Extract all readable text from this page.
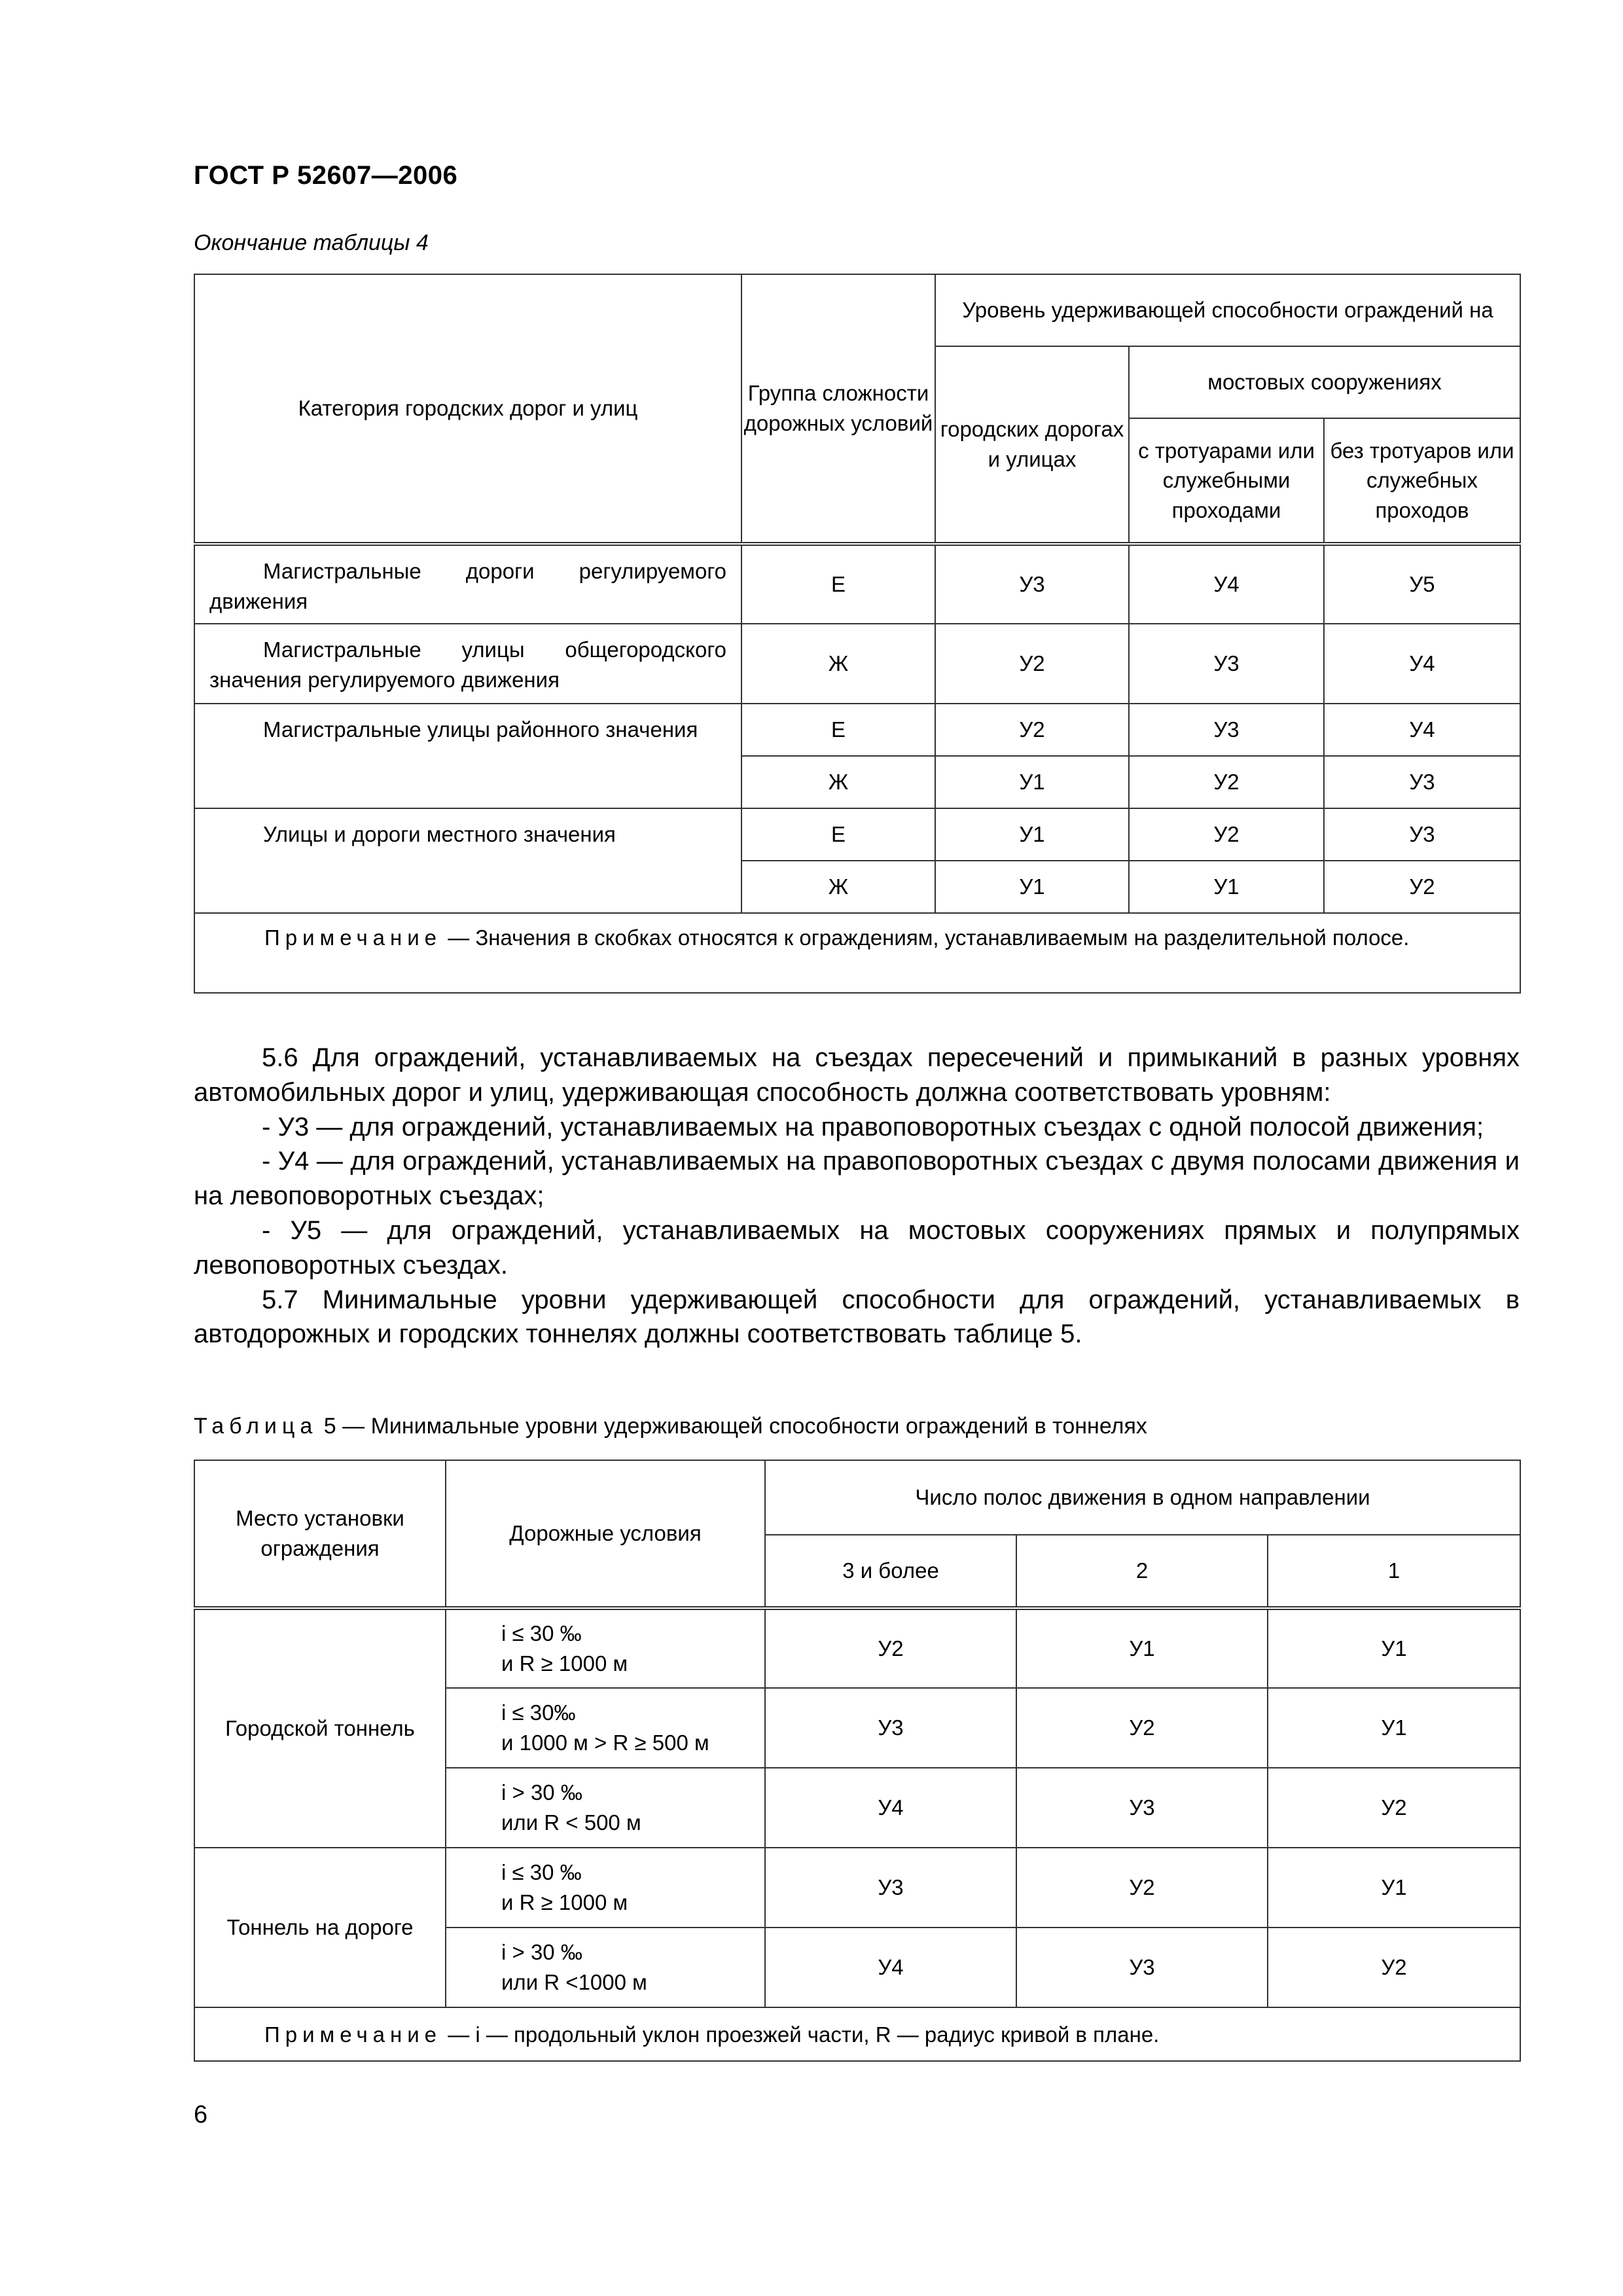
ГОСТ Р 52607—2006
Окончание таблицы 4
Категория городских дорог и улиц	Группа сложности дорожных условий	Уровень удерживающей способности ограждений на		
		городских дорогах и улицах	мостовых сооружениях	
			с тротуарами или служебными проходами	без тротуаров или служебных проходов
Магистральные дороги регулируемого движения	Е	У3	У4	У5
Магистральные улицы общегородского значения регулируемого движения	Ж	У2	У3	У4
Магистральные улицы районного значения	Е	У2	У3	У4
	Ж	У1	У2	У3
Улицы и дороги местного значения	Е	У1	У2	У3
	Ж	У1	У1	У2
Примечание — Значения в скобках относятся к ограждениям, устанавливаемым на разделительной полосе.				

5.6 Для ограждений, устанавливаемых на съездах пересечений и примыканий в разных уровнях автомобильных дорог и улиц, удерживающая способность должна соответствовать уровням:

- У3 — для ограждений, устанавливаемых на правоповоротных съездах с одной полосой движения;

- У4 — для ограждений, устанавливаемых на правоповоротных съездах с двумя полосами движения и на левоповоротных съездах;

- У5 — для ограждений, устанавливаемых на мостовых сооружениях прямых и полупрямых левоповоротных съездах.

5.7 Минимальные уровни удерживающей способности для ограждений, устанавливаемых в автодорожных и городских тоннелях должны соответствовать таблице 5.

Таблица 5 — Минимальные уровни удерживающей способности ограждений в тоннелях
Место установки ограждения	Дорожные условия	Число полос движения в одном направлении		
		3 и более	2	1
Городской тоннель	i ≤ 30 ‰
и R ≥ 1000 м	У2	У1	У1

	i ≤ 30‰
и 1000 м > R ≥ 500 м	У3	У2	У1

	i > 30 ‰
или R < 500 м	У4	У3	У2
Тоннель на дороге	i ≤ 30 ‰
и R ≥ 1000 м	У3	У2	У1

	i > 30 ‰
или R <1000 м	У4	У3	У2
Примечание — i — продольный уклон проезжей части, R — радиус кривой в плане.				
6
